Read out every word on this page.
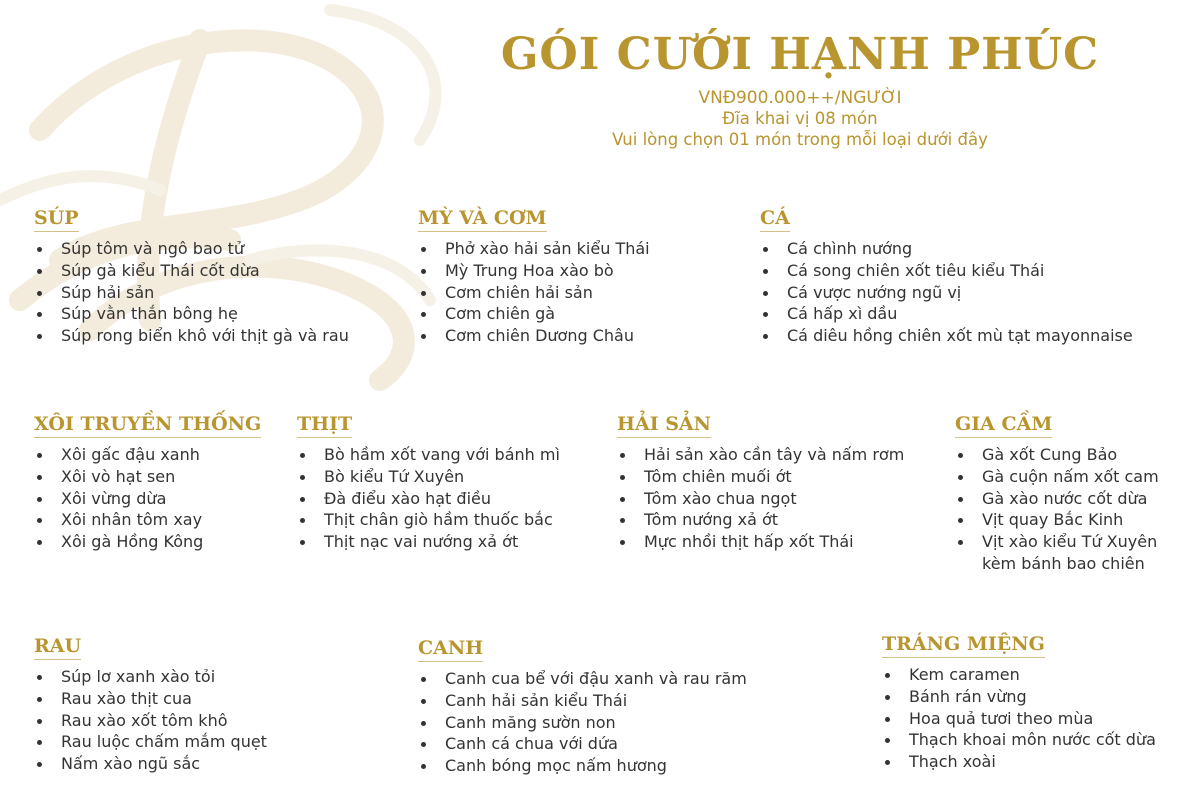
GÓI CƯỚI HẠNH PHÚC
VNĐ900.000++/NGƯỜI
Đĩa khai vị 08 món
Vui lòng chọn 01 món trong mỗi loại dưới đây
SÚP
Súp tôm và ngô bao tử
Súp gà kiểu Thái cốt dừa
Súp hải sản
Súp vằn thắn bông hẹ
Súp rong biển khô với thịt gà và rau
MỲ VÀ CƠM
Phở xào hải sản kiểu Thái
Mỳ Trung Hoa xào bò
Cơm chiên hải sản
Cơm chiên gà
Cơm chiên Dương Châu
CÁ
Cá chình nướng
Cá song chiên xốt tiêu kiểu Thái
Cá vược nướng ngũ vị
Cá hấp xì dầu
Cá diêu hồng chiên xốt mù tạt mayonnaise
XÔI TRUYỀN THỐNG
Xôi gấc đậu xanh
Xôi vò hạt sen
Xôi vừng dừa
Xôi nhân tôm xay
Xôi gà Hồng Kông
THỊT
Bò hầm xốt vang với bánh mì
Bò kiểu Tứ Xuyên
Đà điểu xào hạt điều
Thịt chân giò hầm thuốc bắc
Thịt nạc vai nướng xả ớt
HẢI SẢN
Hải sản xào cần tây và nấm rơm
Tôm chiên muối ớt
Tôm xào chua ngọt
Tôm nướng xả ớt
Mực nhồi thịt hấp xốt Thái
GIA CẦM
Gà xốt Cung Bảo
Gà cuộn nấm xốt cam
Gà xào nước cốt dừa
Vịt quay Bắc Kinh
Vịt xào kiểu Tứ Xuyên kèm bánh bao chiên
RAU
Súp lơ xanh xào tỏi
Rau xào thịt cua
Rau xào xốt tôm khô
Rau luộc chấm mắm quẹt
Nấm xào ngũ sắc
CANH
Canh cua bể với đậu xanh và rau răm
Canh hải sản kiểu Thái
Canh măng sườn non
Canh cá chua với dứa
Canh bóng mọc nấm hương
TRÁNG MIỆNG
Kem caramen
Bánh rán vừng
Hoa quả tươi theo mùa
Thạch khoai môn nước cốt dừa
Thạch xoài
